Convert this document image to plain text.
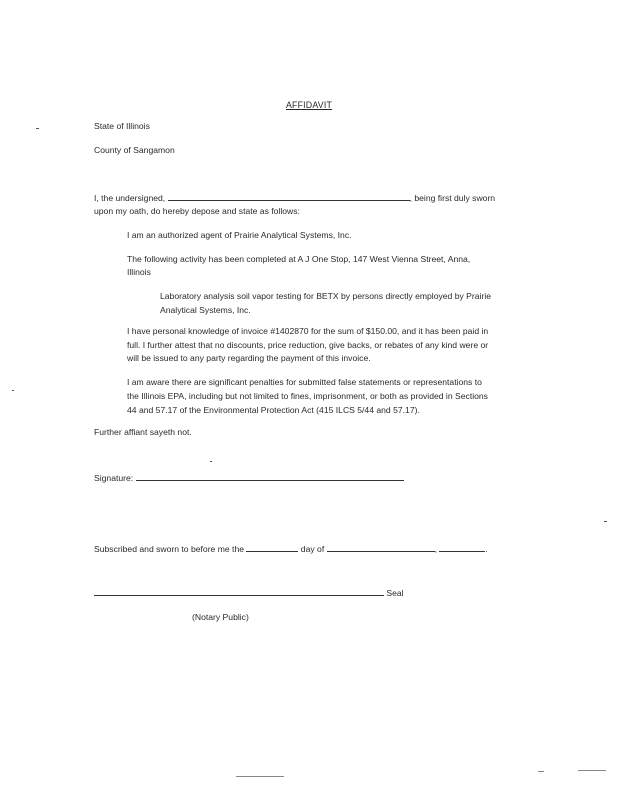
AFFIDAVIT
State of Illinois
County of Sangamon
I, the undersigned,	, being first duly sworn
upon my oath, do hereby depose and state as follows:
I am an authorized agent of Prairie Analytical Systems, Inc.
The following activity has been completed at A J One Stop, 147 West Vienna Street, Anna,
Illinois
Laboratory analysis soil vapor testing for BETX by persons directly employed by Prairie
Analytical Systems, Inc.
I have personal knowledge of invoice #1402870 for the sum of $150.00, and it has been paid in
full. I further attest that no discounts, price reduction, give backs, or rebates of any kind were or
will be issued to any party regarding the payment of this invoice.
I am aware there are significant penalties for submitted false statements or representations to
the Illinois EPA, including but not limited to fines, imprisonment, or both as provided in Sections
44 and 57.17 of the Environmental Protection Act (415 ILCS 5/44 and 57.17).
Further affiant sayeth not.
Signature:
Subscribed and sworn to before me the	day of	,	.
Seal
(Notary Public)
